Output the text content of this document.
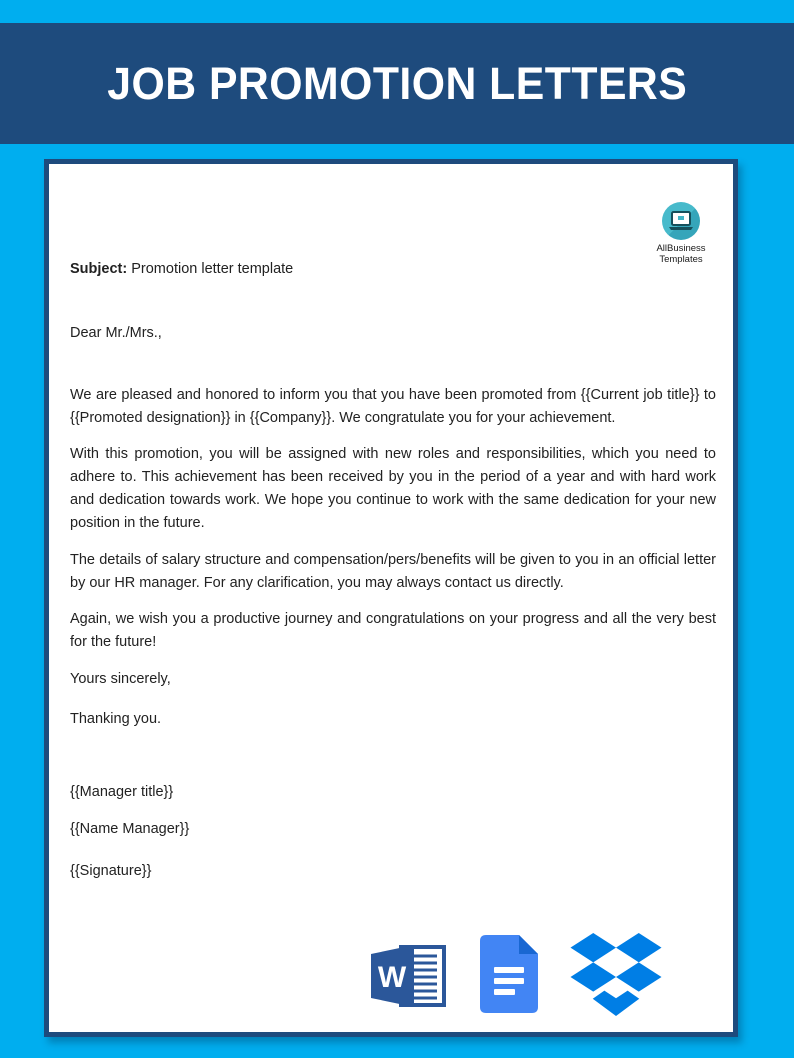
JOB PROMOTION LETTERS
AllBusiness
Templates
Subject: Promotion letter template
Dear Mr./Mrs.,
We are pleased and honored to inform you that you have been promoted from {{Current job title}} to {{Promoted designation}} in {{Company}}. We congratulate you for your achievement.
With this promotion, you will be assigned with new roles and responsibilities, which you need to adhere to. This achievement has been received by you in the period of a year and with hard work and dedication towards work. We hope you continue to work with the same dedication for your new position in the future.
The details of salary structure and compensation/pers/benefits will be given to you in an official letter by our HR manager. For any clarification, you may always contact us directly.
Again, we wish you a productive journey and congratulations on your progress and all the very best for the future!
Yours sincerely,
Thanking you.
{{Manager title}}
{{Name Manager}}
{{Signature}}
W
